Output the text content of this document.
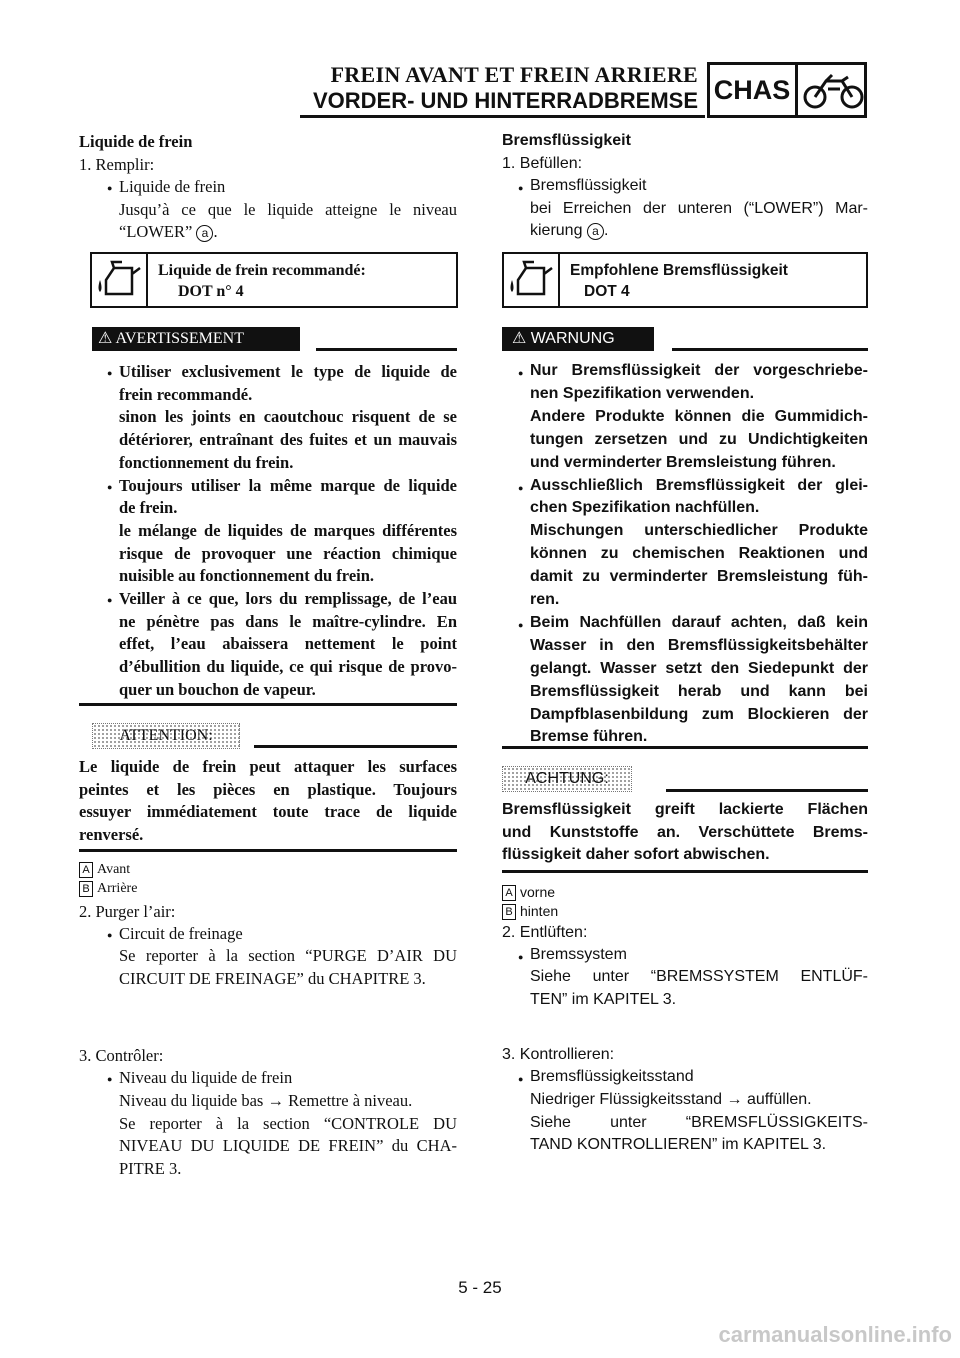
FREIN AVANT ET FREIN ARRIERE
VORDER- UND HINTERRADBREMSE CHAS
Liquide de frein
1. Remplir:
● Liquide de frein
Jusqu’à ce que le liquide atteigne le niveau
“LOWER” a .
Liquide de frein recommandé:
DOT n° 4
⚠ AVERTISSEMENT
● Utiliser exclusivement le type de liquide de
frein recommandé.
sinon les joints en caoutchouc risquent de se
détériorer, entraînant des fuites et un mauvais
fonctionnement du frein.
● Toujours utiliser la même marque de liquide
de frein.
le mélange de liquides de marques différentes
risque de provoquer une réaction chimique
nuisible au fonctionnement du frein.
● Veiller à ce que, lors du remplissage, de l’eau
ne pénètre pas dans le maître-cylindre. En
effet, l’eau abaissera nettement le point
d’ébullition du liquide, ce qui risque de provo-
quer un bouchon de vapeur.
ATTENTION:
Le liquide de frein peut attaquer les surfaces
peintes et les pièces en plastique. Toujours
essuyer immédiatement toute trace de liquide
renversé.
A Avant
B Arrière
2. Purger l’air:
● Circuit de freinage
Se reporter à la section “PURGE D’AIR DU
CIRCUIT DE FREINAGE” du CHAPITRE 3.
3. Contrôler:
● Niveau du liquide de frein
Niveau du liquide bas → Remettre à niveau.
Se reporter à la section “CONTROLE DU
NIVEAU DU LIQUIDE DE FREIN” du CHA-
PITRE 3.
Bremsflüssigkeit
1. Befüllen:
● Bremsflüssigkeit
bei Erreichen der unteren (“LOWER”) Mar-
kierung a .
Empfohlene Bremsflüssigkeit
DOT 4
⚠ WARNUNG
● Nur Bremsflüssigkeit der vorgeschriebe-
nen Spezifikation verwenden.
Andere Produkte können die Gummidich-
tungen zersetzen und zu Undichtigkeiten
und verminderter Bremsleistung führen.
● Ausschließlich Bremsflüssigkeit der glei-
chen Spezifikation nachfüllen.
Mischungen unterschiedlicher Produkte
können zu chemischen Reaktionen und
damit zu verminderter Bremsleistung füh-
ren.
● Beim Nachfüllen darauf achten, daß kein
Wasser in den Bremsflüssigkeitsbehälter
gelangt. Wasser setzt den Siedepunkt der
Bremsflüssigkeit herab und kann bei
Dampfblasenbildung zum Blockieren der
Bremse führen.
ACHTUNG:
Bremsflüssigkeit greift lackierte Flächen
und Kunststoffe an. Verschüttete Brems-
flüssigkeit daher sofort abwischen.
A vorne
B hinten
2. Entlüften:
● Bremssystem
Siehe unter “BREMSSYSTEM ENTLÜF-
TEN” im KAPITEL 3.
3. Kontrollieren:
● Bremsflüssigkeitsstand
Niedriger Flüssigkeitsstand → auffüllen.
Siehe unter “BREMSFLÜSSIGKEITS-
TAND KONTROLLIEREN” im KAPITEL 3.
5 - 25
carmanualsonline.info
